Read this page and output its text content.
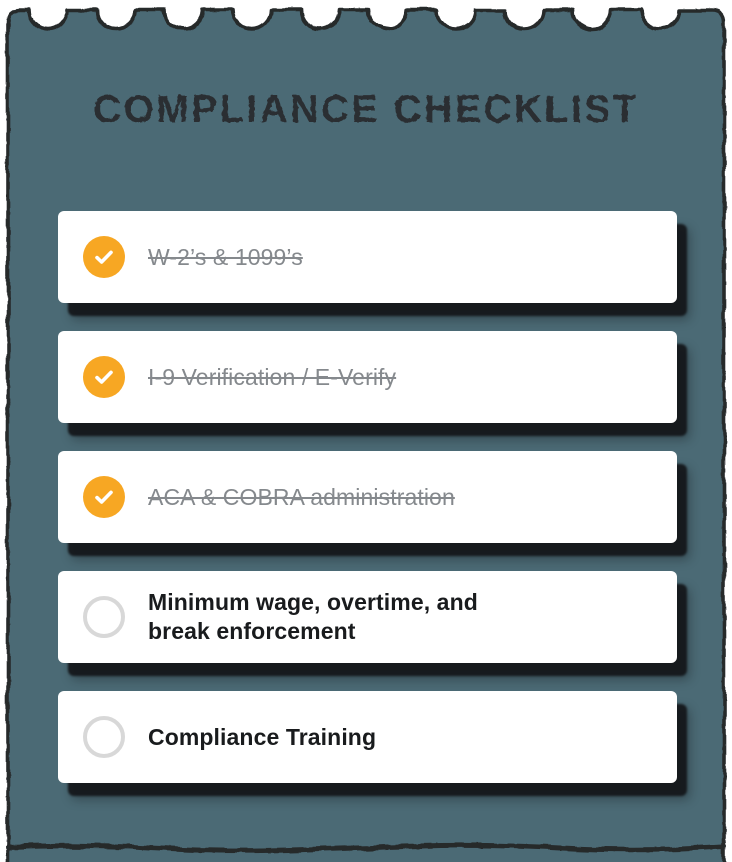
COMPLIANCE CHECKLIST
W-2’s & 1099’s
I-9 Verification / E-Verify
ACA & COBRA administration
Minimum wage, overtime, and break enforcement
Compliance Training
